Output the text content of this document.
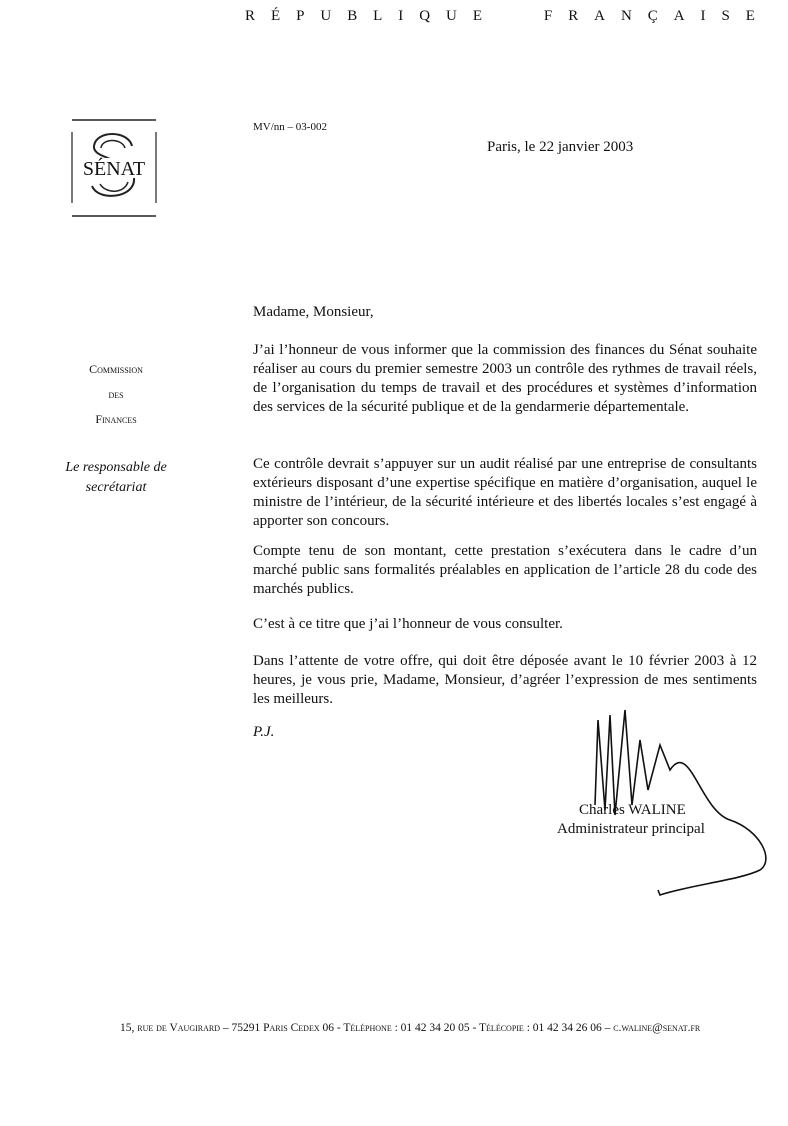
R É P U B L I Q U E	F R A N Ç A I S E
SÉNAT
MV/nn – 03-002
Paris, le 22 janvier 2003
Commission
des
Finances
Le responsable de
secrétariat
Madame, Monsieur,

J’ai l’honneur de vous informer que la commission des finances du Sénat souhaite réaliser au cours du premier semestre 2003 un contrôle des rythmes de travail réels, de l’organisation du temps de travail et des procédures et systèmes d’information des services de la sécurité publique et de la gendarmerie départementale.

Ce contrôle devrait s’appuyer sur un audit réalisé par une entreprise de consultants extérieurs disposant d’une expertise spécifique en matière d’organisation, auquel le ministre de l’intérieur, de la sécurité intérieure et des libertés locales s’est engagé à apporter son concours.

Compte tenu de son montant, cette prestation s’exécutera dans le cadre d’un marché public sans formalités préalables en application de l’article 28 du code des marchés publics.

C’est à ce titre que j’ai l’honneur de vous consulter.

Dans l’attente de votre offre, qui doit être déposée avant le 10 février 2003 à 12 heures, je vous prie, Madame, Monsieur, d’agréer l’expression de mes sentiments les meilleurs.

P.J.
Charles WALINE
Administrateur principal
15, rue de Vaugirard – 75291 Paris Cedex 06 - Téléphone : 01 42 34 20 05 - Télécopie : 01 42 34 26 06 – c.waline@senat.fr
